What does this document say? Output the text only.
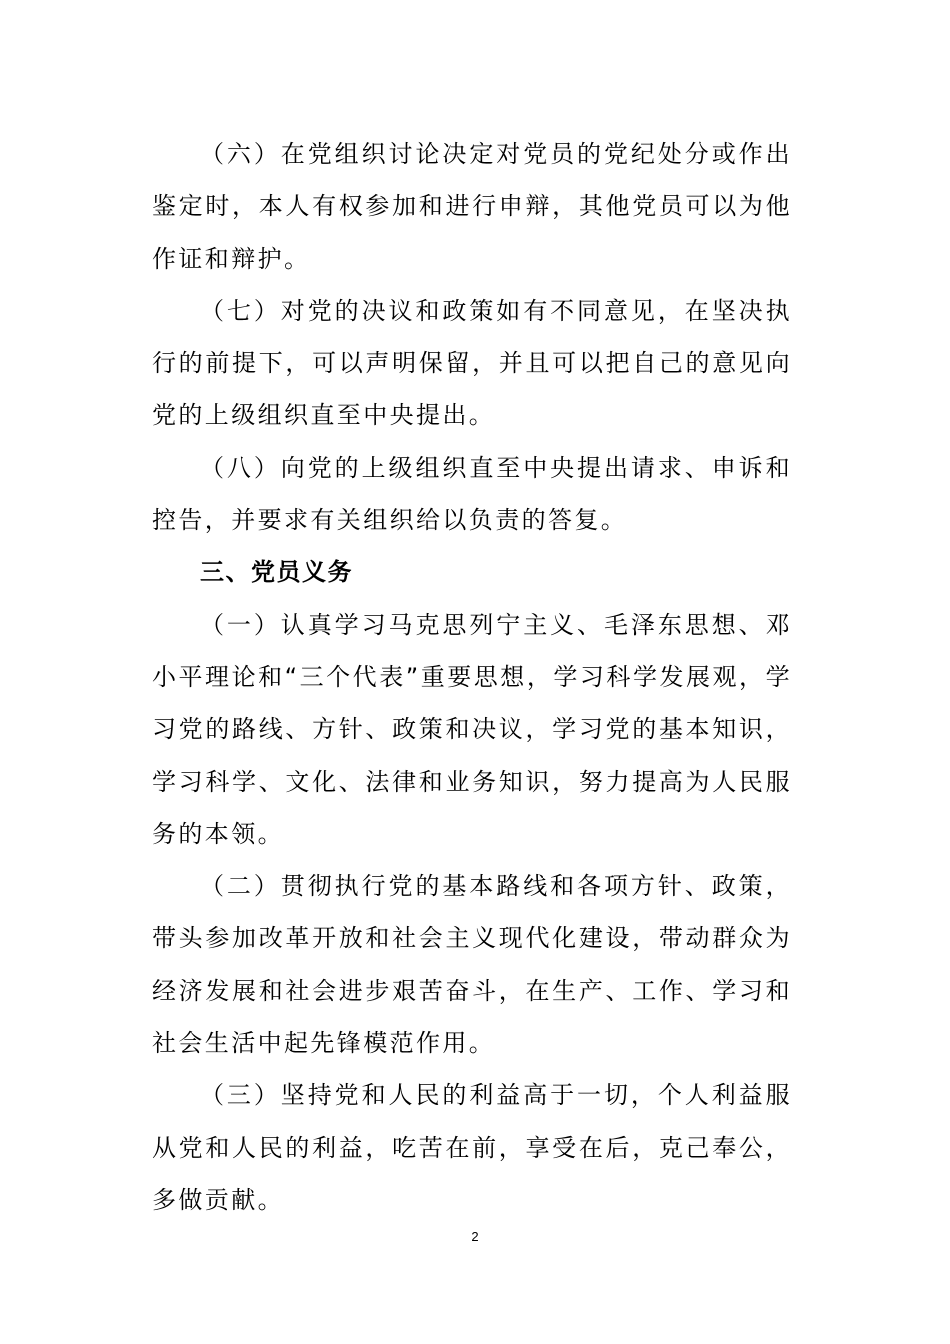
（六）在党组织讨论决定对党员的党纪处分或作出鉴定时，本人有权参加和进行申辩，其他党员可以为他作证和辩护。

（七）对党的决议和政策如有不同意见，在坚决执行的前提下，可以声明保留，并且可以把自己的意见向党的上级组织直至中央提出。

（八）向党的上级组织直至中央提出请求、申诉和控告，并要求有关组织给以负责的答复。

三、党员义务

（一）认真学习马克思列宁主义、毛泽东思想、邓小平理论和“三个代表”重要思想，学习科学发展观，学习党的路线、方针、政策和决议，学习党的基本知识，学习科学、文化、法律和业务知识，努力提高为人民服务的本领。

（二）贯彻执行党的基本路线和各项方针、政策，带头参加改革开放和社会主义现代化建设，带动群众为经济发展和社会进步艰苦奋斗，在生产、工作、学习和社会生活中起先锋模范作用。

（三）坚持党和人民的利益高于一切，个人利益服从党和人民的利益，吃苦在前，享受在后，克己奉公，多做贡献。

2
